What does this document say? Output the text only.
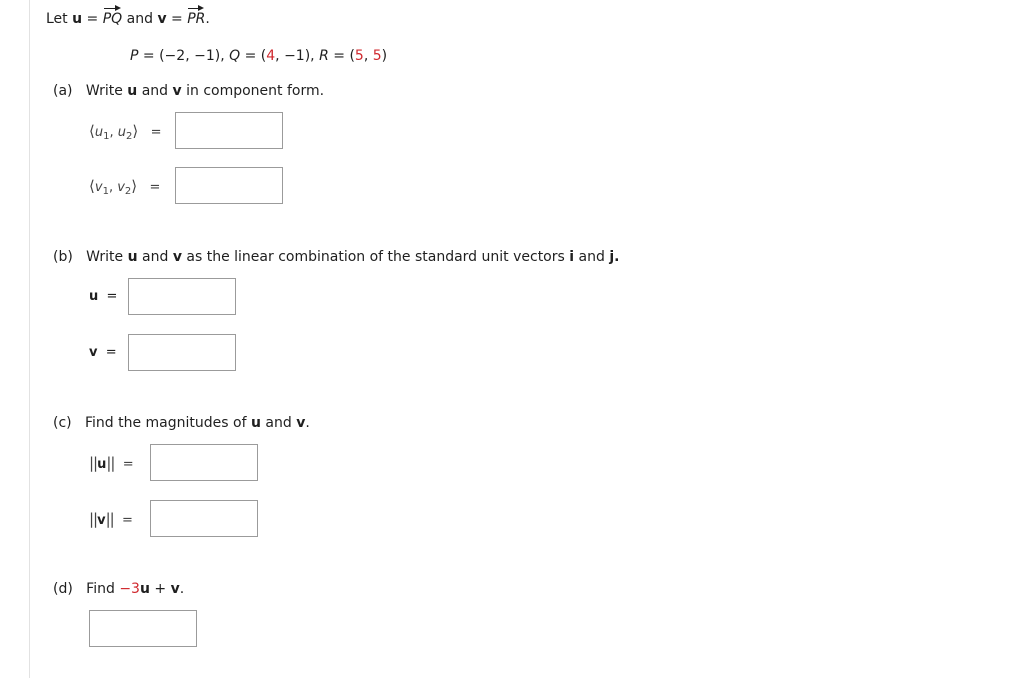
Let u = PQ and v = PR.
P = (−2, −1), Q = (4, −1), R = (5, 5)
(a) Write u and v in component form.
$⟨u_1$, $u_2⟩$ =
$⟨v_1$, $v_2⟩$ =
(b) Write u and v as the linear combination of the standard unit vectors i and j.
u =
v =
(c) Find the magnitudes of u and v.
||u|| =
||v|| =
(d) Find −3u + v.
